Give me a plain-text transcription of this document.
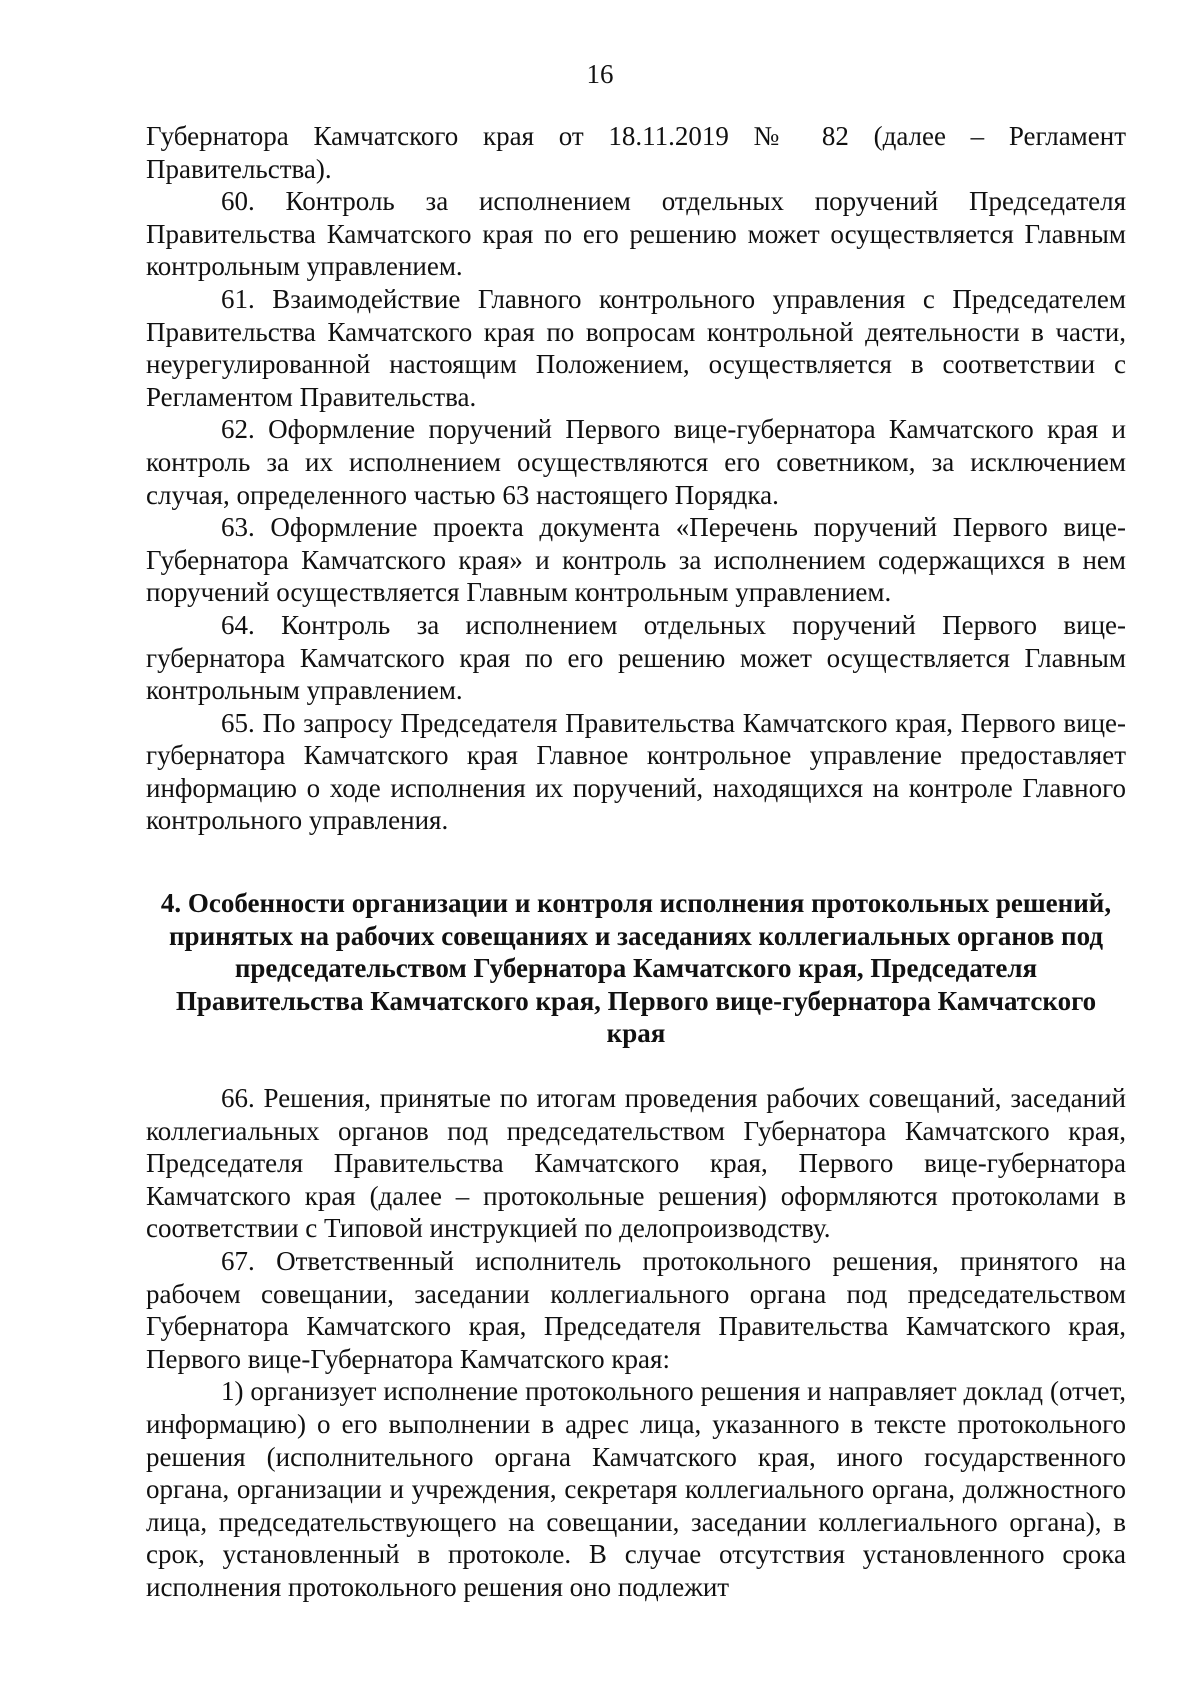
16

Губернатора Камчатского края от 18.11.2019 № 82 (далее – Регламент Правительства).

60. Контроль за исполнением отдельных поручений Председателя Правительства Камчатского края по его решению может осуществляется Главным контрольным управлением.

61. Взаимодействие Главного контрольного управления с Председателем Правительства Камчатского края по вопросам контрольной деятельности в части, неурегулированной настоящим Положением, осуществляется в соответствии с Регламентом Правительства.

62. Оформление поручений Первого вице-губернатора Камчатского края и контроль за их исполнением осуществляются его советником, за исключением случая, определенного частью 63 настоящего Порядка.

63. Оформление проекта документа «Перечень поручений Первого вице-Губернатора Камчатского края» и контроль за исполнением содержащихся в нем поручений осуществляется Главным контрольным управлением.

64. Контроль за исполнением отдельных поручений Первого вице-губернатора Камчатского края по его решению может осуществляется Главным контрольным управлением.

65. По запросу Председателя Правительства Камчатского края, Первого вице-губернатора Камчатского края Главное контрольное управление предоставляет информацию о ходе исполнения их поручений, находящихся на контроле Главного контрольного управления.

4. Особенности организации и контроля исполнения протокольных решений,
принятых на рабочих совещаниях и заседаниях коллегиальных органов под
председательством Губернатора Камчатского края, Председателя
Правительства Камчатского края, Первого вице-губернатора Камчатского края

66. Решения, принятые по итогам проведения рабочих совещаний, заседаний коллегиальных органов под председательством Губернатора Камчатского края, Председателя Правительства Камчатского края, Первого вице-губернатора Камчатского края (далее – протокольные решения) оформляются протоколами в соответствии с Типовой инструкцией по делопроизводству.

67. Ответственный исполнитель протокольного решения, принятого на рабочем совещании, заседании коллегиального органа под председательством Губернатора Камчатского края, Председателя Правительства Камчатского края, Первого вице-Губернатора Камчатского края:

1) организует исполнение протокольного решения и направляет доклад (отчет, информацию) о его выполнении в адрес лица, указанного в тексте протокольного решения (исполнительного органа Камчатского края, иного государственного органа, организации и учреждения, секретаря коллегиального органа, должностного лица, председательствующего на совещании, заседании коллегиального органа), в срок, установленный в протоколе. В случае отсутствия установленного срока исполнения протокольного решения оно подлежит
